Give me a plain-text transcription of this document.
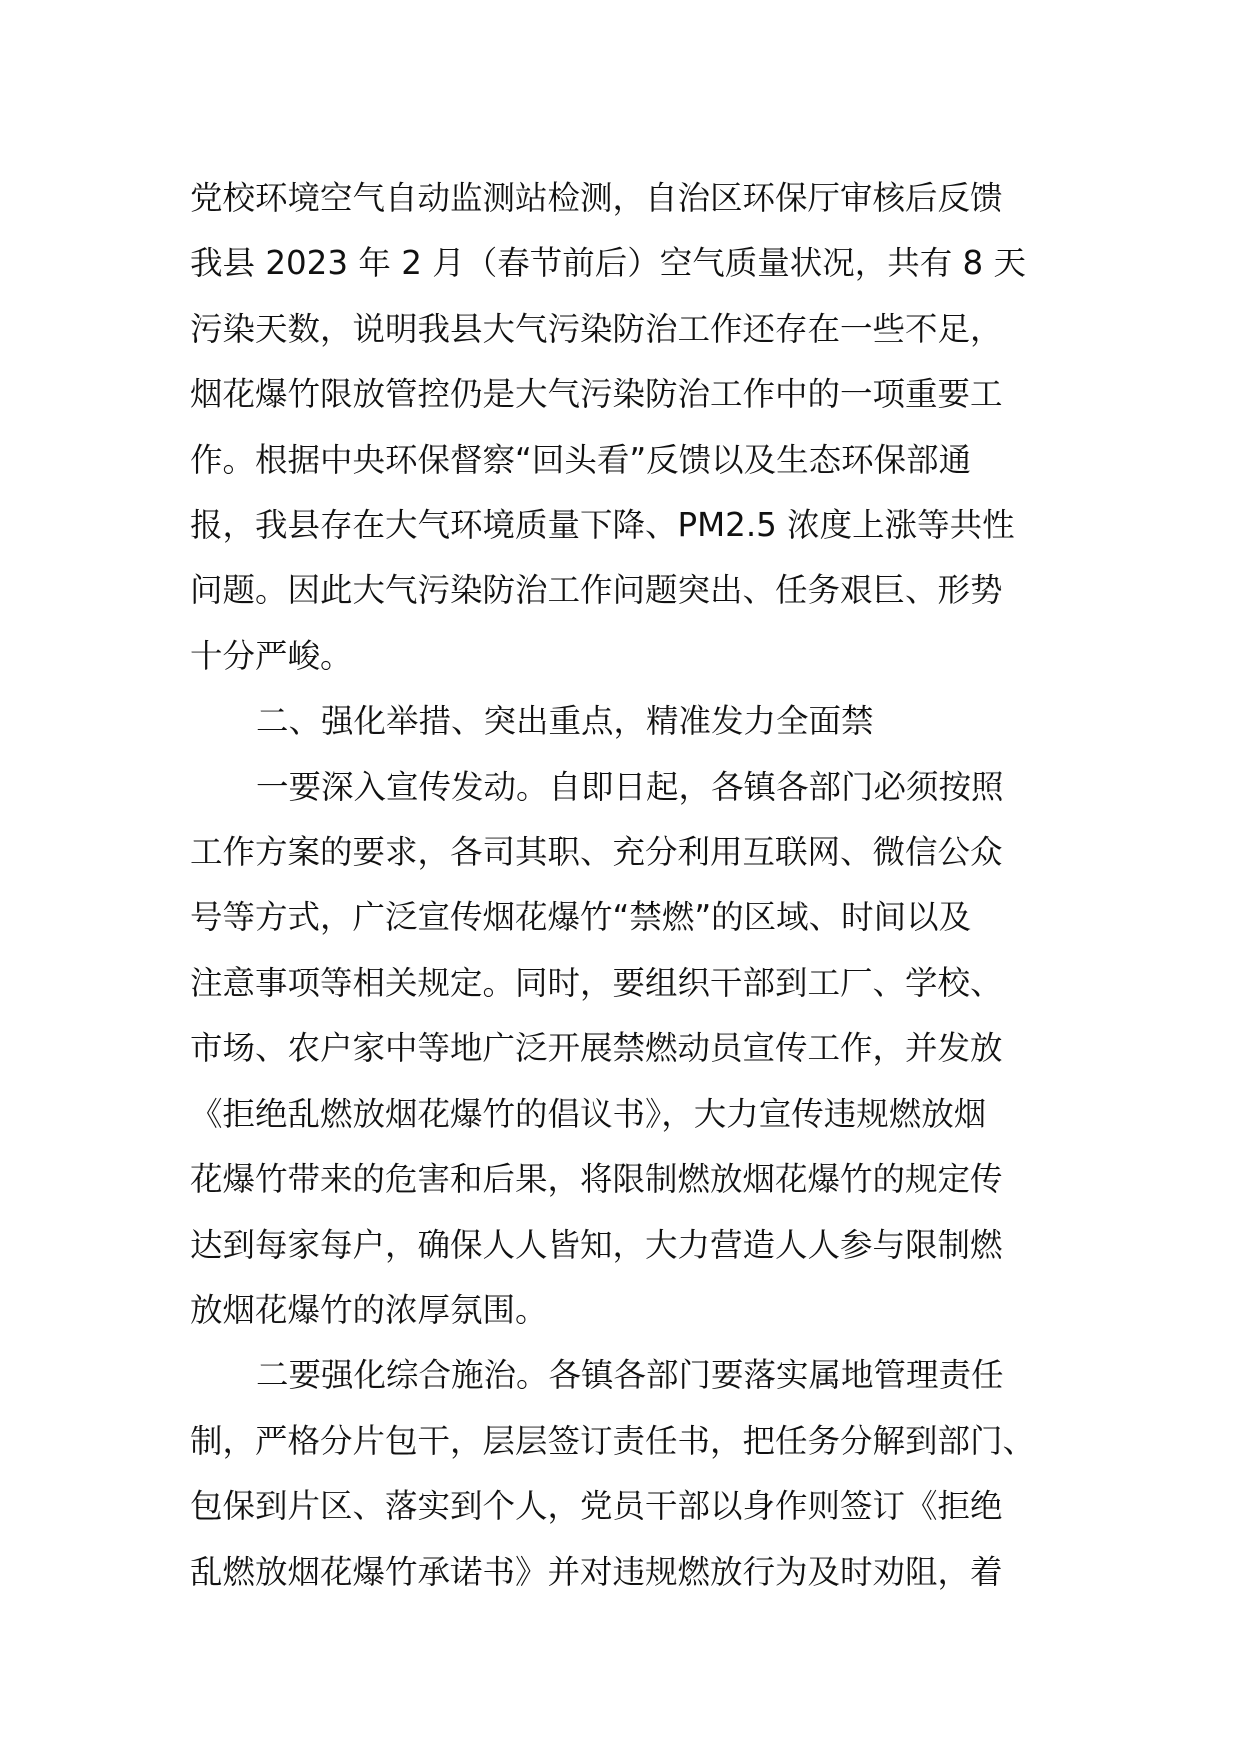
党校环境空气自动监测站检测，自治区环保厅审核后反馈
我县 2023 年 2 月（春节前后）空气质量状况，共有 8 天
污染天数，说明我县大气污染防治工作还存在一些不足，
烟花爆竹限放管控仍是大气污染防治工作中的一项重要工
作。根据中央环保督察“回头看”反馈以及生态环保部通
报，我县存在大气环境质量下降、PM2.5 浓度上涨等共性
问题。因此大气污染防治工作问题突出、任务艰巨、形势
十分严峻。
二、强化举措、突出重点，精准发力全面禁
一要深入宣传发动。自即日起，各镇各部门必须按照
工作方案的要求，各司其职、充分利用互联网、微信公众
号等方式，广泛宣传烟花爆竹“禁燃”的区域、时间以及
注意事项等相关规定。同时，要组织干部到工厂、学校、
市场、农户家中等地广泛开展禁燃动员宣传工作，并发放
《拒绝乱燃放烟花爆竹的倡议书》，大力宣传违规燃放烟
花爆竹带来的危害和后果，将限制燃放烟花爆竹的规定传
达到每家每户，确保人人皆知，大力营造人人参与限制燃
放烟花爆竹的浓厚氛围。
二要强化综合施治。各镇各部门要落实属地管理责任
制，严格分片包干，层层签订责任书，把任务分解到部门、
包保到片区、落实到个人，党员干部以身作则签订《拒绝
乱燃放烟花爆竹承诺书》并对违规燃放行为及时劝阻，着
